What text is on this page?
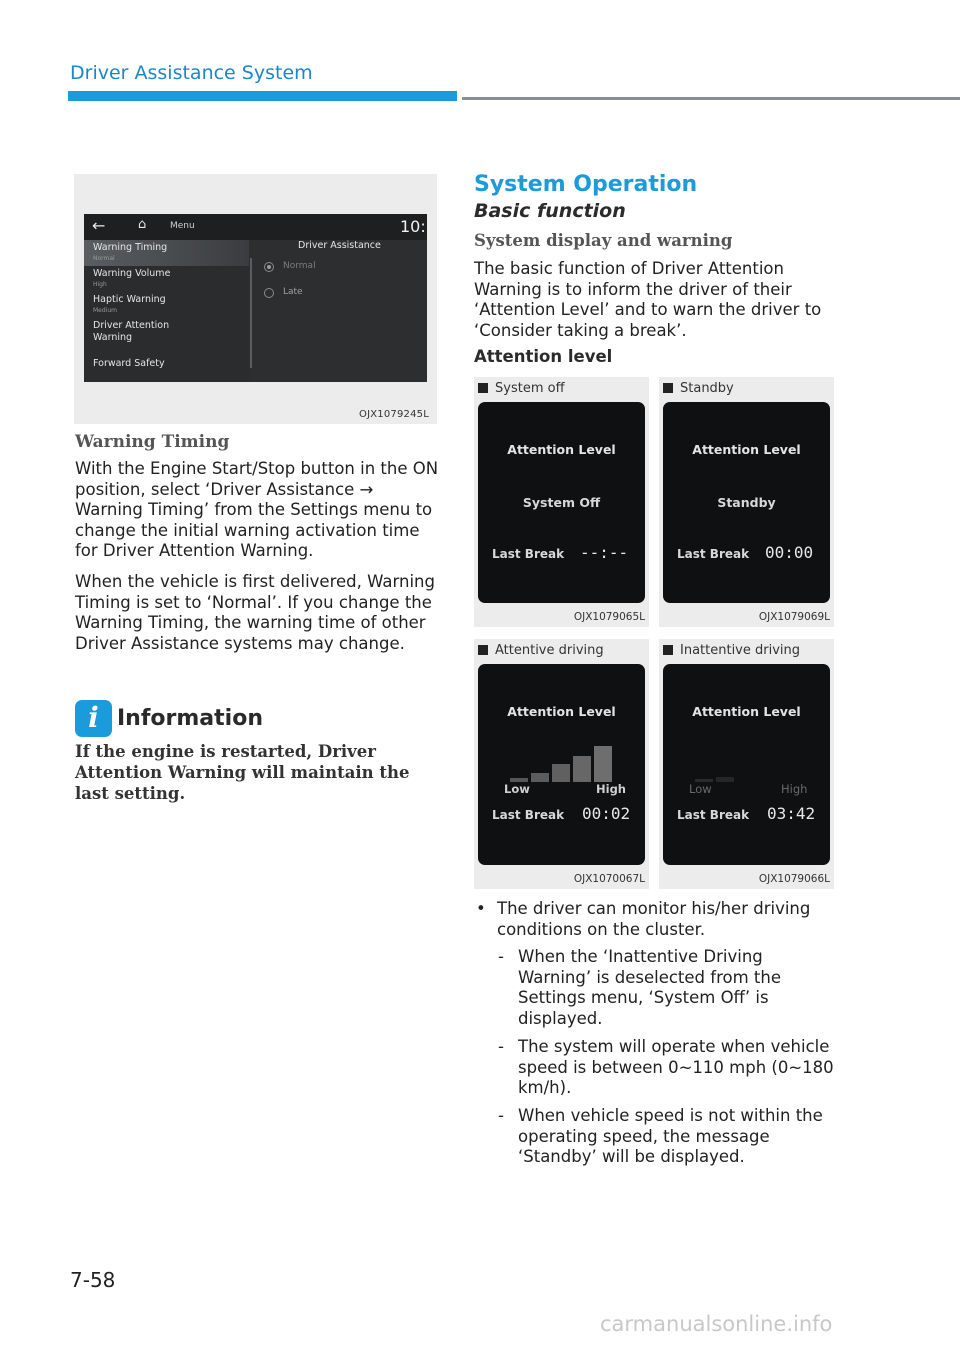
Driver Assistance System
←	⌂	Menu	10:
Warning Timing
Normal
Warning Volume
High
Haptic Warning
Medium
Driver Attention
Warning
Forward Safety
Driver Assistance
Normal
Late
OJX1079245L
Warning Timing

With the Engine Start/Stop button in the ON position, select ‘Driver Assistance → Warning Timing’ from the Settings menu to change the initial warning activation time for Driver Attention Warning.

When the vehicle is first delivered, Warning Timing is set to ‘Normal’. If you change the Warning Timing, the warning time of other Driver Assistance systems may change.

i Information

If the engine is restarted, Driver Attention Warning will maintain the last setting.

System Operation
Basic function
System display and warning

The basic function of Driver Attention Warning is to inform the driver of their ‘Attention Level’ and to warn the driver to ‘Consider taking a break’.

Attention level
System off
Attention Level
System Off
Last Break --:--
OJX1079065L
Standby
Attention Level
Standby
Last Break 00:00
OJX1079069L
Attentive driving
Attention Level
Low	High
Last Break 00:02
OJX1070067L
Inattentive driving
Attention Level
Low	High
Last Break 03:42
OJX1079066L
• The driver can monitor his/her driving conditions on the cluster.

- When the ‘Inattentive Driving Warning’ is deselected from the Settings menu, ‘System Off’ is displayed.

- The system will operate when vehicle speed is between 0~110 mph (0~180 km/h).

- When vehicle speed is not within the operating speed, the message ‘Standby’ will be displayed.

7-58
carmanualsonline.info
